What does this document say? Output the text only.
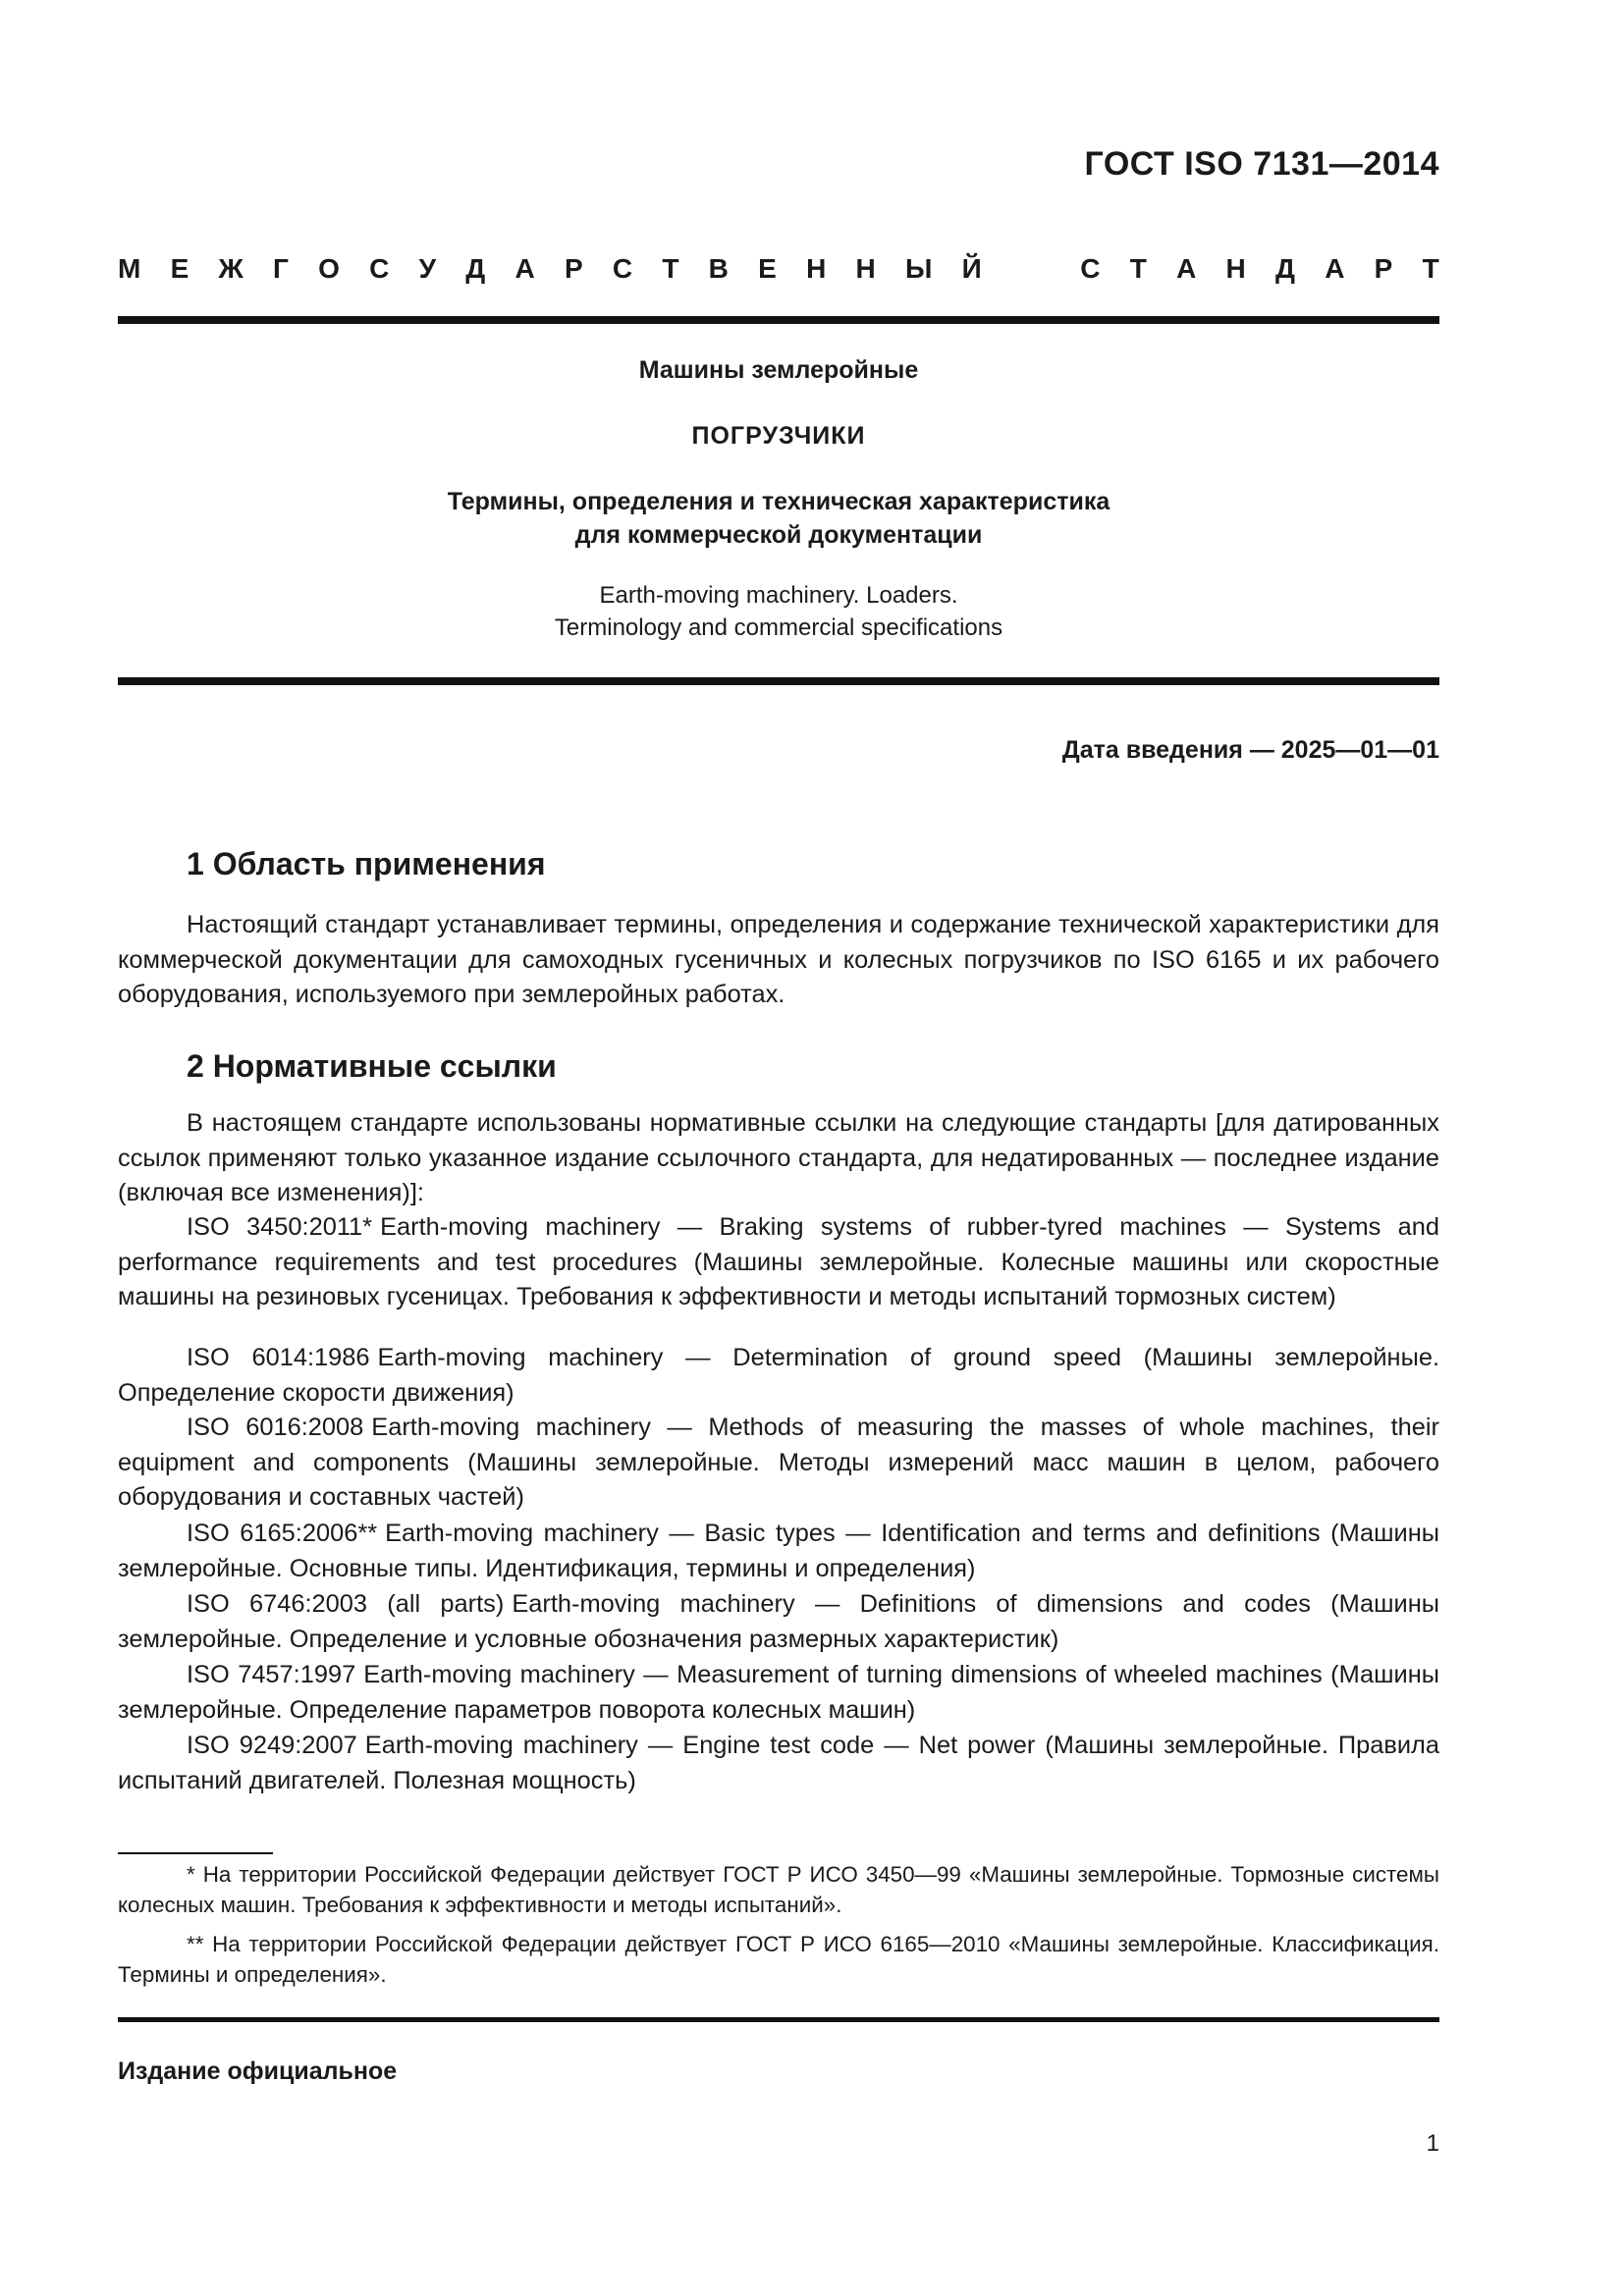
ГОСТ ISO 7131—2014
М Е Ж Г О С У Д А Р С Т В Е Н Н Ы Й	С Т А Н Д А Р Т
Машины землеройные
ПОГРУЗЧИКИ
Термины, определения и техническая характеристика
для коммерческой документации
Earth-moving machinery. Loaders.
Terminology and commercial specifications
Дата введения — 2025—01—01
1 Область применения
Настоящий стандарт устанавливает термины, определения и содержание технической характеристики для коммерческой документации для самоходных гусеничных и колесных погрузчиков по ISO 6165 и их рабочего оборудования, используемого при землеройных работах.
2 Нормативные ссылки
В настоящем стандарте использованы нормативные ссылки на следующие стандарты [для датированных ссылок применяют только указанное издание ссылочного стандарта, для недатированных — последнее издание (включая все изменения)]:
ISO 3450:2011* Earth-moving machinery — Braking systems of rubber-tyred machines — Systems and performance requirements and test procedures (Машины землеройные. Колесные машины или скоростные машины на резиновых гусеницах. Требования к эффективности и методы испытаний тормозных систем)
ISO 6014:1986 Earth-moving machinery — Determination of ground speed (Машины землеройные. Определение скорости движения)
ISO 6016:2008 Earth-moving machinery — Methods of measuring the masses of whole machines, their equipment and components (Машины землеройные. Методы измерений масс машин в целом, рабочего оборудования и составных частей)
ISO 6165:2006** Earth-moving machinery — Basic types — Identification and terms and definitions (Машины землеройные. Основные типы. Идентификация, термины и определения)
ISO 6746:2003 (all parts) Earth-moving machinery — Definitions of dimensions and codes (Машины землеройные. Определение и условные обозначения размерных характеристик)
ISO 7457:1997 Earth-moving machinery — Measurement of turning dimensions of wheeled machines (Машины землеройные. Определение параметров поворота колесных машин)
ISO 9249:2007 Earth-moving machinery — Engine test code — Net power (Машины землеройные. Правила испытаний двигателей. Полезная мощность)
* На территории Российской Федерации действует ГОСТ Р ИСО 3450—99 «Машины землеройные. Тормозные системы колесных машин. Требования к эффективности и методы испытаний».
** На территории Российской Федерации действует ГОСТ Р ИСО 6165—2010 «Машины землеройные. Классификация. Термины и определения».
Издание официальное
1
